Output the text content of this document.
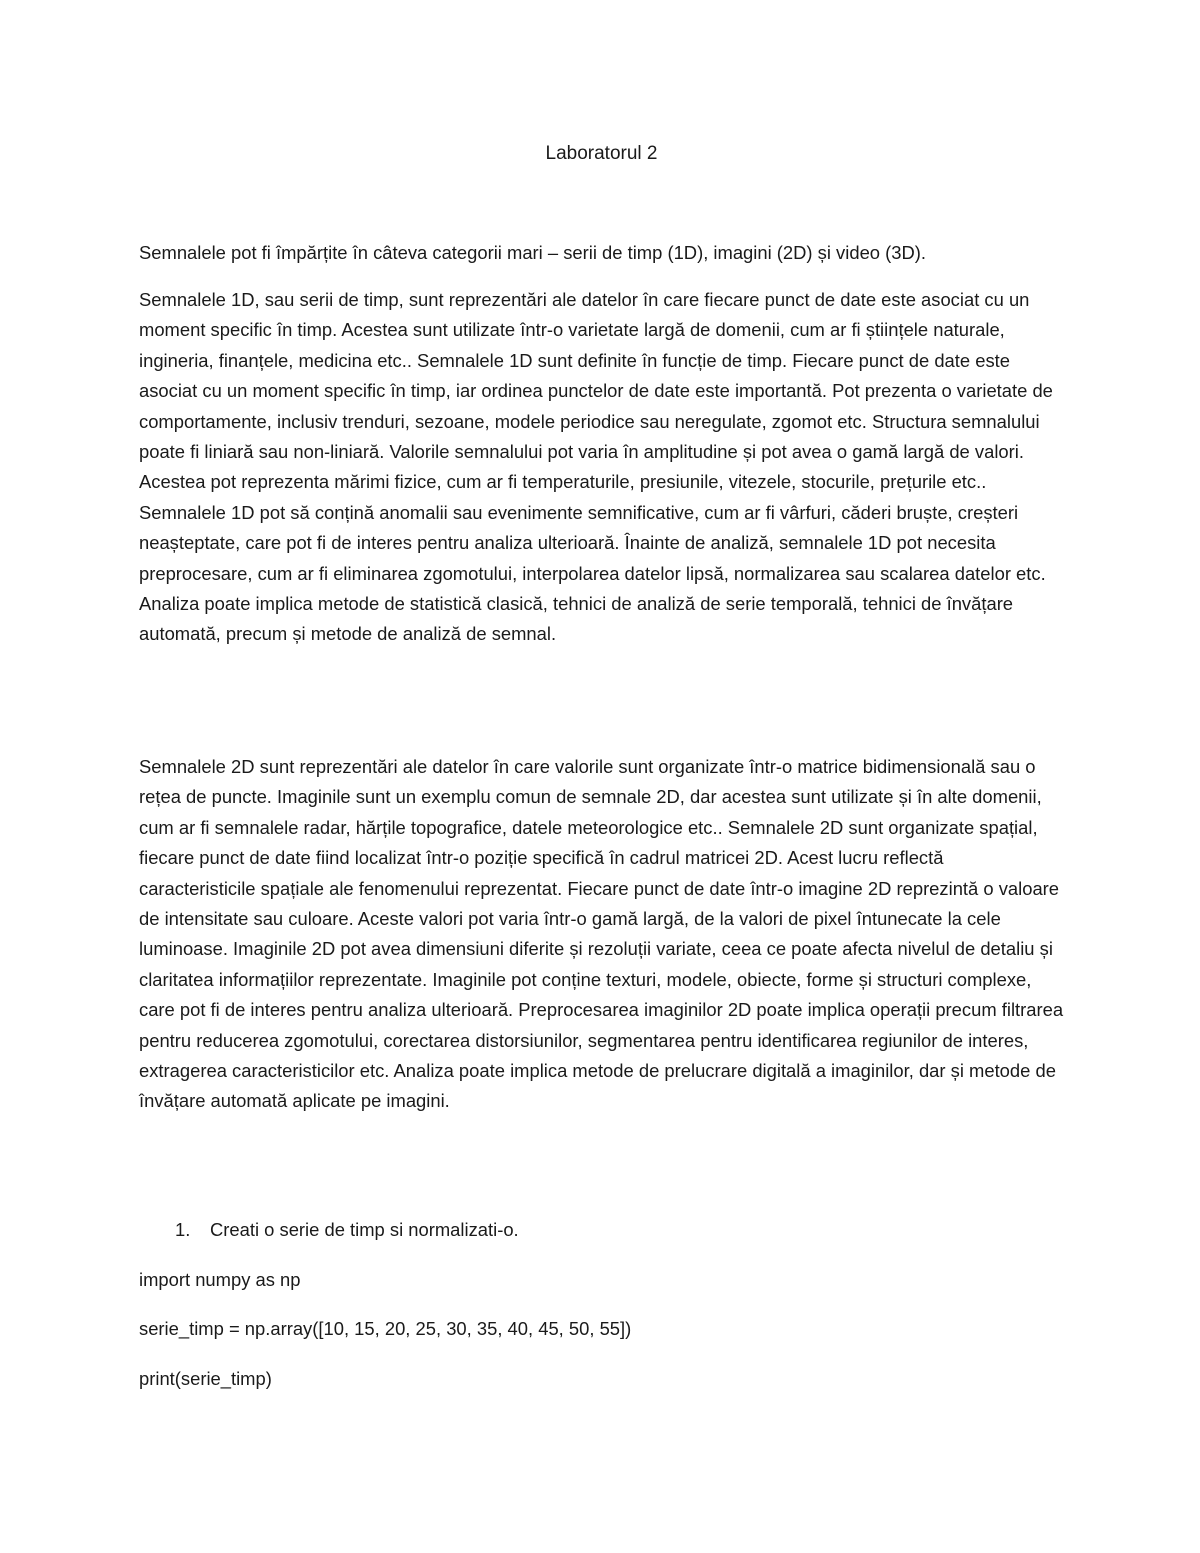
Laboratorul 2

Semnalele pot fi împărțite în câteva categorii mari – serii de timp (1D), imagini (2D) și video (3D).

Semnalele 1D, sau serii de timp, sunt reprezentări ale datelor în care fiecare punct de date este asociat cu un moment specific în timp. Acestea sunt utilizate într-o varietate largă de domenii, cum ar fi științele naturale, ingineria, finanțele, medicina etc.. Semnalele 1D sunt definite în funcție de timp. Fiecare punct de date este asociat cu un moment specific în timp, iar ordinea punctelor de date este importantă. Pot prezenta o varietate de comportamente, inclusiv trenduri, sezoane, modele periodice sau neregulate, zgomot etc. Structura semnalului poate fi liniară sau non-liniară. Valorile semnalului pot varia în amplitudine și pot avea o gamă largă de valori. Acestea pot reprezenta mărimi fizice, cum ar fi temperaturile, presiunile, vitezele, stocurile, prețurile etc.. Semnalele 1D pot să conțină anomalii sau evenimente semnificative, cum ar fi vârfuri, căderi bruște, creșteri neașteptate, care pot fi de interes pentru analiza ulterioară. Înainte de analiză, semnalele 1D pot necesita preprocesare, cum ar fi eliminarea zgomotului, interpolarea datelor lipsă, normalizarea sau scalarea datelor etc. Analiza poate implica metode de statistică clasică, tehnici de analiză de serie temporală, tehnici de învățare automată, precum și metode de analiză de semnal.

Semnalele 2D sunt reprezentări ale datelor în care valorile sunt organizate într-o matrice bidimensională sau o rețea de puncte. Imaginile sunt un exemplu comun de semnale 2D, dar acestea sunt utilizate și în alte domenii, cum ar fi semnalele radar, hărțile topografice, datele meteorologice etc.. Semnalele 2D sunt organizate spațial, fiecare punct de date fiind localizat într-o poziție specifică în cadrul matricei 2D. Acest lucru reflectă caracteristicile spațiale ale fenomenului reprezentat. Fiecare punct de date într-o imagine 2D reprezintă o valoare de intensitate sau culoare. Aceste valori pot varia într-o gamă largă, de la valori de pixel întunecate la cele luminoase. Imaginile 2D pot avea dimensiuni diferite și rezoluții variate, ceea ce poate afecta nivelul de detaliu și claritatea informațiilor reprezentate. Imaginile pot conține texturi, modele, obiecte, forme și structuri complexe, care pot fi de interes pentru analiza ulterioară. Preprocesarea imaginilor 2D poate implica operații precum filtrarea pentru reducerea zgomotului, corectarea distorsiunilor, segmentarea pentru identificarea regiunilor de interes, extragerea caracteristicilor etc. Analiza poate implica metode de prelucrare digitală a imaginilor, dar și metode de învățare automată aplicate pe imagini.

1. Creati o serie de timp si normalizati-o.

import numpy as np

serie_timp = np.array([10, 15, 20, 25, 30, 35, 40, 45, 50, 55])

print(serie_timp)
